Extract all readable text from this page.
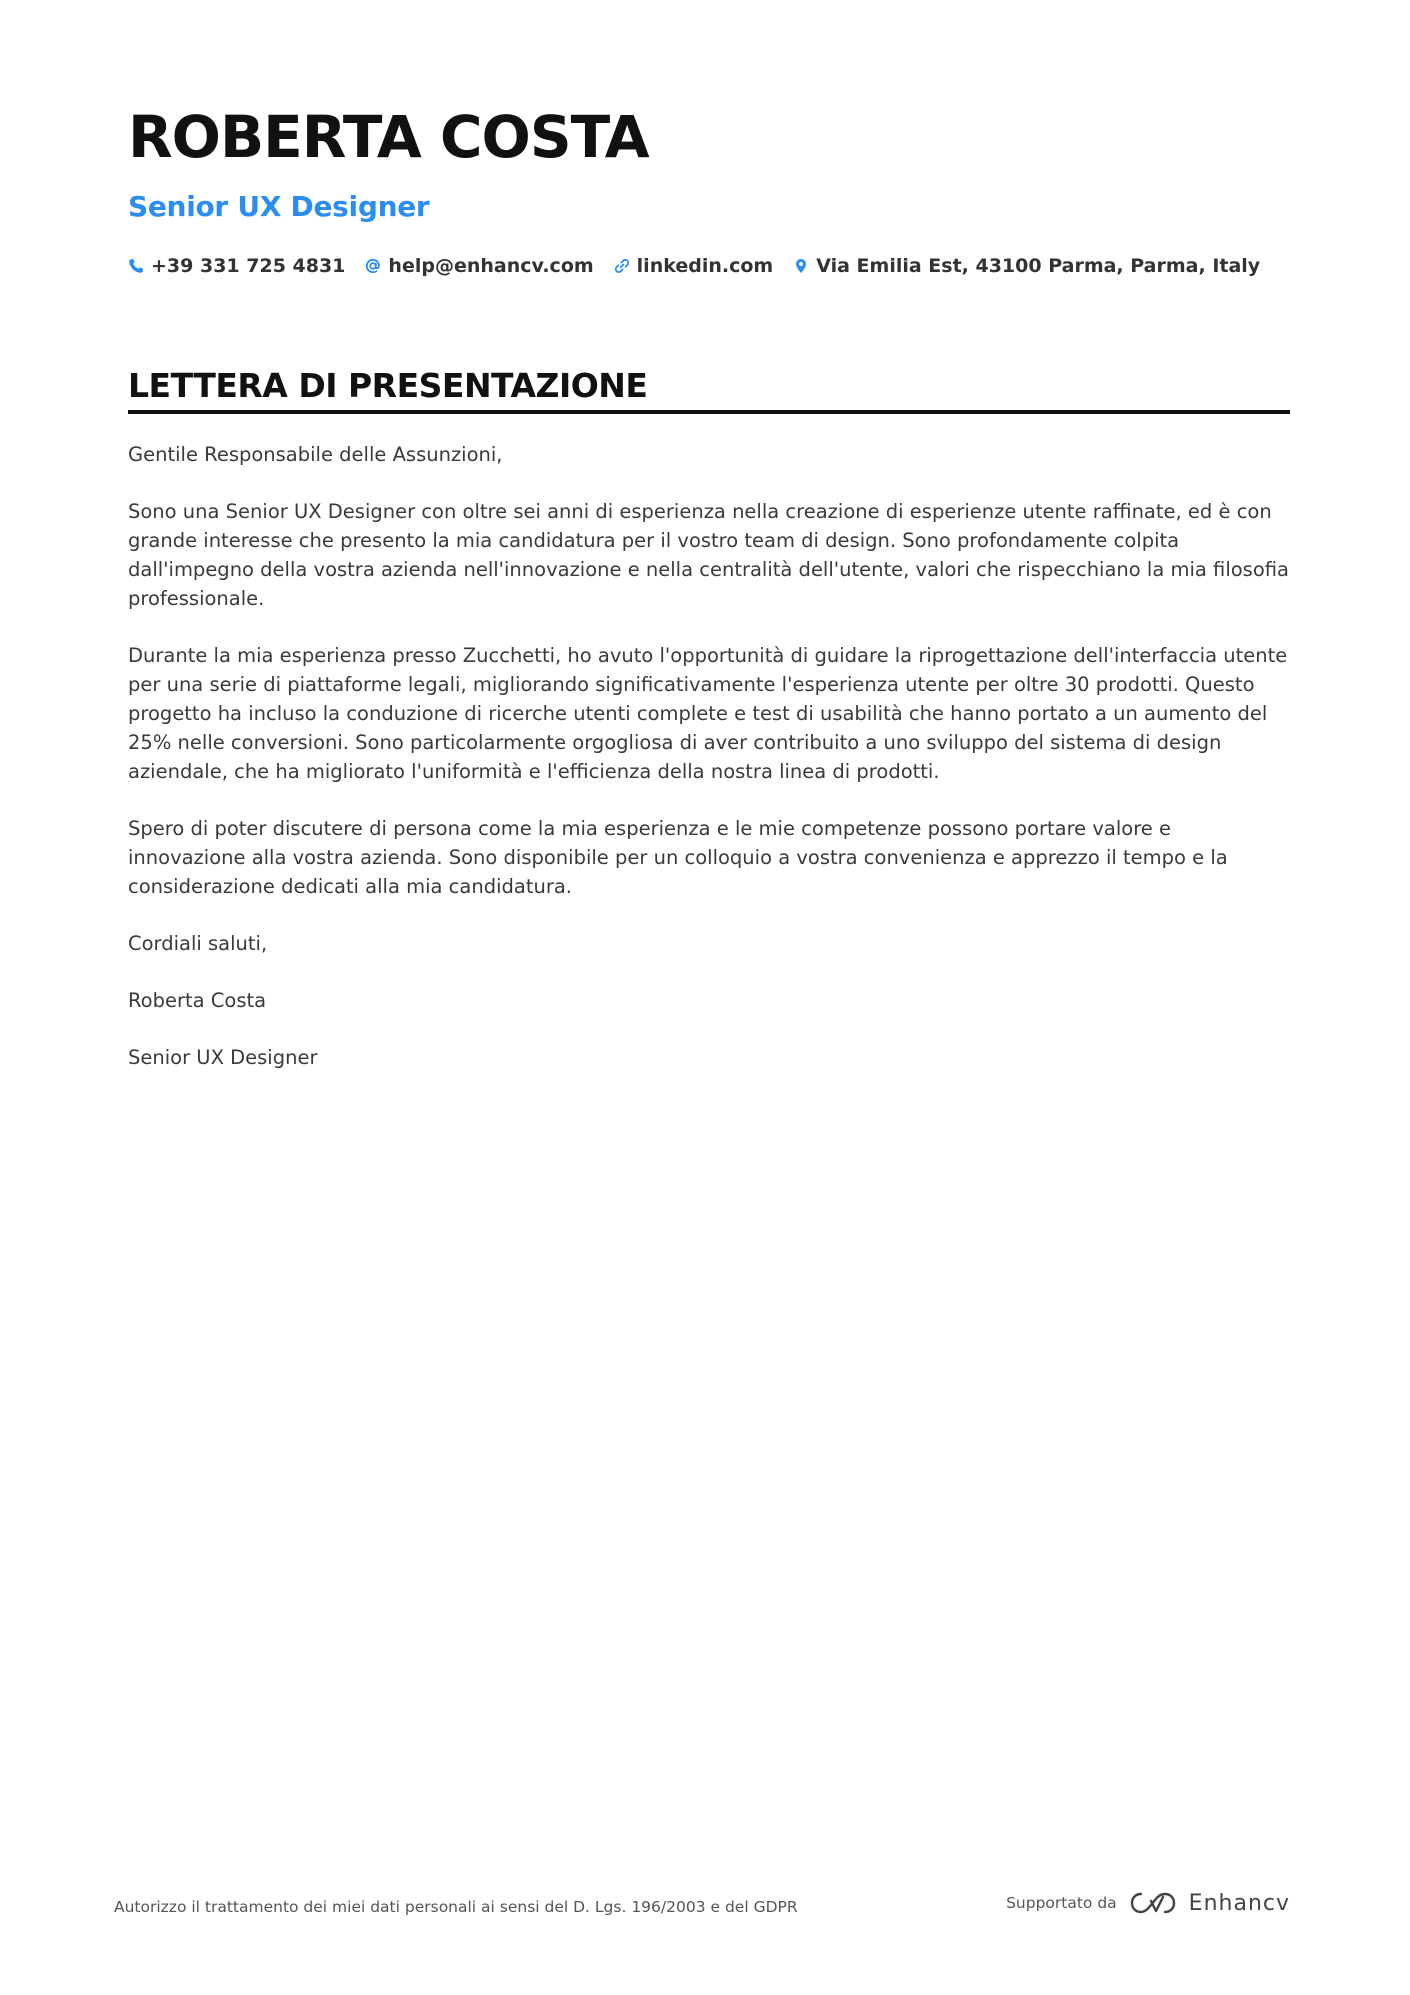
ROBERTA COSTA
Senior UX Designer
+39 331 725 4831 help@enhancv.com linkedin.com Via Emilia Est, 43100 Parma, Parma, Italy
LETTERA DI PRESENTAZIONE

Gentile Responsabile delle Assunzioni,

Sono una Senior UX Designer con oltre sei anni di esperienza nella creazione di esperienze utente raffinate, ed è con grande interesse che presento la mia candidatura per il vostro team di design. Sono profondamente colpita dall'impegno della vostra azienda nell'innovazione e nella centralità dell'utente, valori che rispecchiano la mia filosofia professionale.

Durante la mia esperienza presso Zucchetti, ho avuto l'opportunità di guidare la riprogettazione dell'interfaccia utente per una serie di piattaforme legali, migliorando significativamente l'esperienza utente per oltre 30 prodotti. Questo progetto ha incluso la conduzione di ricerche utenti complete e test di usabilità che hanno portato a un aumento del 25% nelle conversioni. Sono particolarmente orgogliosa di aver contribuito a uno sviluppo del sistema di design aziendale, che ha migliorato l'uniformità e l'efficienza della nostra linea di prodotti.

Spero di poter discutere di persona come la mia esperienza e le mie competenze possono portare valore e innovazione alla vostra azienda. Sono disponibile per un colloquio a vostra convenienza e apprezzo il tempo e la considerazione dedicati alla mia candidatura.

Cordiali saluti,

Roberta Costa

Senior UX Designer

Autorizzo il trattamento dei miei dati personali ai sensi del D. Lgs. 196/2003 e del GDPR	Supportato da	Enhancv
